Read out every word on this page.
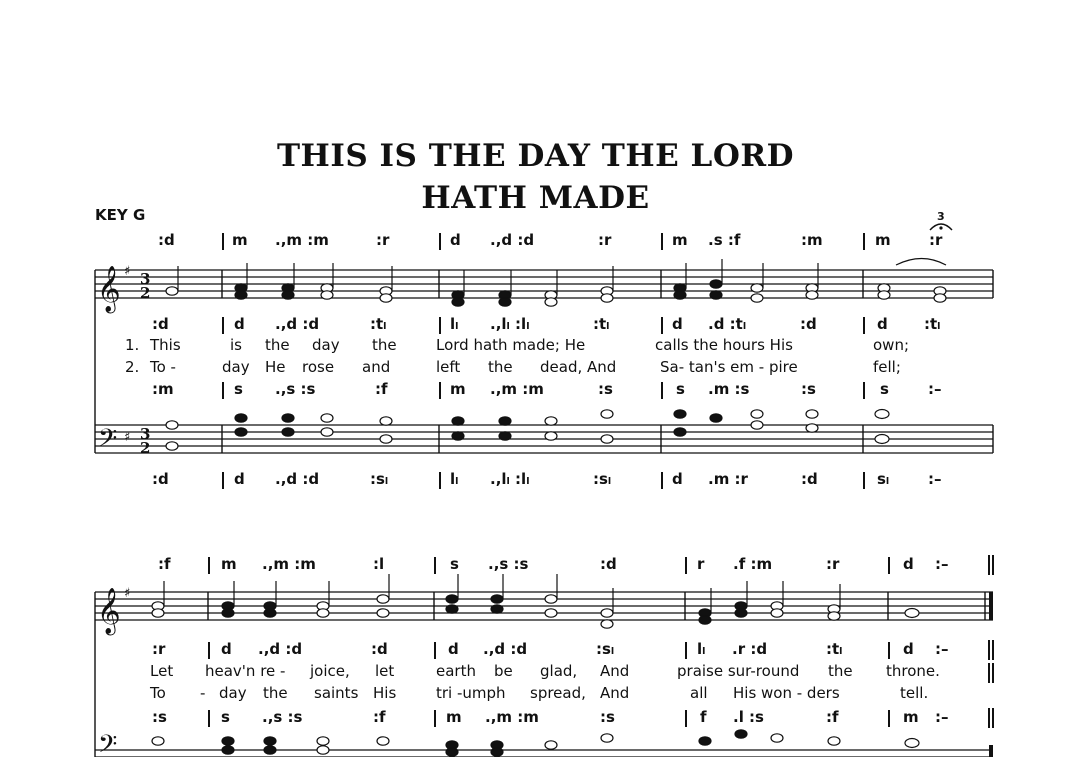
THIS IS THE DAY THE LORD
HATH MADE
KEY G
:d	m .,m :m	:r	d .,d :d	:r	m .s :f	:m	m	:r
:d	d .,d :d	:tₗ	lₗ .,lₗ :lₗ	:tₗ	d .d :tₗ	:d	d :tₗ
1. This	is the day the	Lord hath made; He	calls the hours His	own;
2. To -	day He rose and	left the dead, And	Sa- tan's em - pire	fell;
:m	s .,s :s	:f	m .,m :m	:s	s .m :s	:s	s	:–
:d	d .,d :d	:sₗ	lₗ .,lₗ :lₗ	:sₗ	d .m :r	:d	sₗ	:–
:f	m .,m :m	:l	s .,s :s	:d	r .f :m	:r	d :–
:r	d .,d :d	:d	d .,d :d	:sₗ	lₗ .r :d	:tₗ	d :–
Let heav'n re - joice, let	earth be glad, And	praise sur-round the throne.
To - day the saints His	tri -umph spread, And	all His won - ders	tell.
:s	s .,s :s	:f	m .,m :m	:s	f .l :s	:f	m :–
𝄞
𝄢
𝄞
𝄢
♯
♯
♯
3
2
3
2
3
